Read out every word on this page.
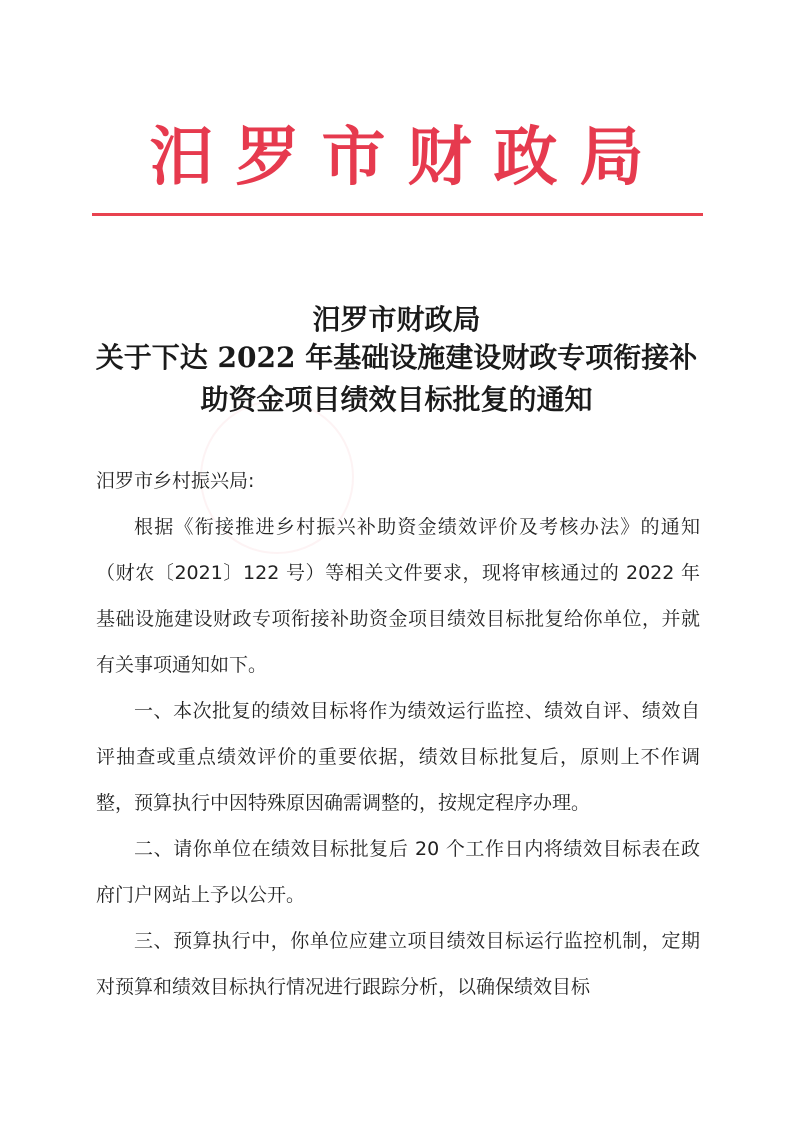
汨罗市财政局
汨罗市财政局
关于下达 2022 年基础设施建设财政专项衔接补
助资金项目绩效目标批复的通知
汨罗市乡村振兴局:

根据《衔接推进乡村振兴补助资金绩效评价及考核办法》的通知（财农〔2021〕122 号）等相关文件要求，现将审核通过的 2022 年基础设施建设财政专项衔接补助资金项目绩效目标批复给你单位，并就有关事项通知如下。

一、本次批复的绩效目标将作为绩效运行监控、绩效自评、绩效自评抽查或重点绩效评价的重要依据，绩效目标批复后，原则上不作调整，预算执行中因特殊原因确需调整的，按规定程序办理。

二、请你单位在绩效目标批复后 20 个工作日内将绩效目标表在政府门户网站上予以公开。

三、预算执行中，你单位应建立项目绩效目标运行监控机制，定期对预算和绩效目标执行情况进行跟踪分析，以确保绩效目标
